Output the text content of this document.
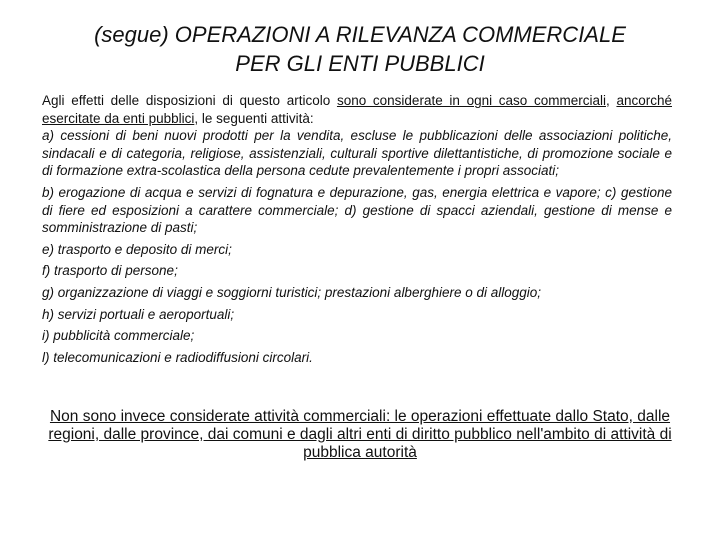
(segue) OPERAZIONI A RILEVANZA COMMERCIALE
PER GLI ENTI PUBBLICI
Agli effetti delle disposizioni di questo articolo sono considerate in ogni caso commerciali, ancorché esercitate da enti pubblici, le seguenti attività:
a) cessioni di beni nuovi prodotti per la vendita, escluse le pubblicazioni delle associazioni politiche, sindacali e di categoria, religiose, assistenziali, culturali sportive dilettantistiche, di promozione sociale e di formazione extra-scolastica della persona cedute prevalentemente i propri associati;
b) erogazione di acqua e servizi di fognatura e depurazione, gas, energia elettrica e vapore; c) gestione di fiere ed esposizioni a carattere commerciale; d) gestione di spacci aziendali, gestione di mense e somministrazione di pasti;
e) trasporto e deposito di merci;
f) trasporto di persone;
g) organizzazione di viaggi e soggiorni turistici; prestazioni alberghiere o di alloggio;
h) servizi portuali e aeroportuali;
i) pubblicità commerciale;
l) telecomunicazioni e radiodiffusioni circolari.
Non sono invece considerate attività commerciali: le operazioni effettuate dallo Stato, dalle regioni, dalle province, dai comuni e dagli altri enti di diritto pubblico nell'ambito di attività di pubblica autorità
